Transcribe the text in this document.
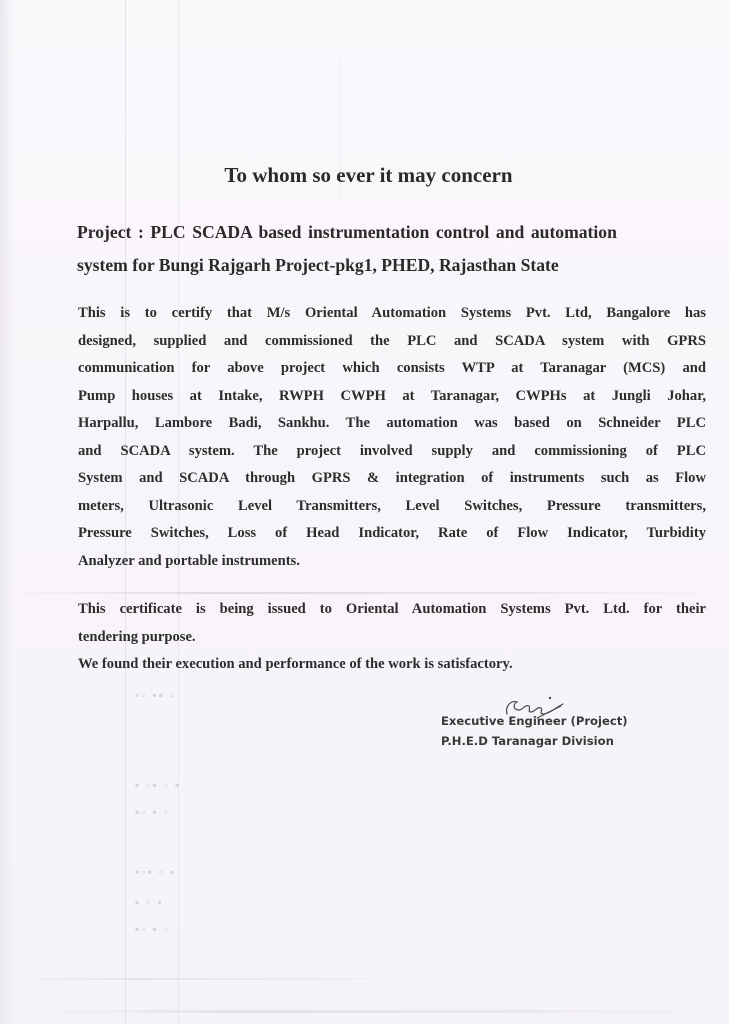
▪▫ ▪▪ ▫
▪ ▫▪ ▫ ▪
▪▫ ▪ ▫
▪▫▪ ▫ ▪
▪ ▫ ▪
▪▫ ▪ ▫
To whom so ever it may concern
Project : PLC SCADA based instrumentation control and automation
system for Bungi Rajgarh Project-pkg1, PHED, Rajasthan State
This is to certify that M/s Oriental Automation Systems Pvt. Ltd, Bangalore has
designed, supplied and commissioned the PLC and SCADA system with GPRS
communication for above project which consists WTP at Taranagar (MCS) and
Pump houses at Intake, RWPH CWPH at Taranagar, CWPHs at Jungli Johar,
Harpallu, Lambore Badi, Sankhu. The automation was based on Schneider PLC
and SCADA system. The project involved supply and commissioning of PLC
System and SCADA through GPRS & integration of instruments such as Flow
meters, Ultrasonic Level Transmitters, Level Switches, Pressure transmitters,
Pressure Switches, Loss of Head Indicator, Rate of Flow Indicator, Turbidity
Analyzer and portable instruments.
This certificate is being issued to Oriental Automation Systems Pvt. Ltd. for their
tendering purpose.
We found their execution and performance of the work is satisfactory.
Executive Engineer (Project)
P.H.E.D Taranagar Division
